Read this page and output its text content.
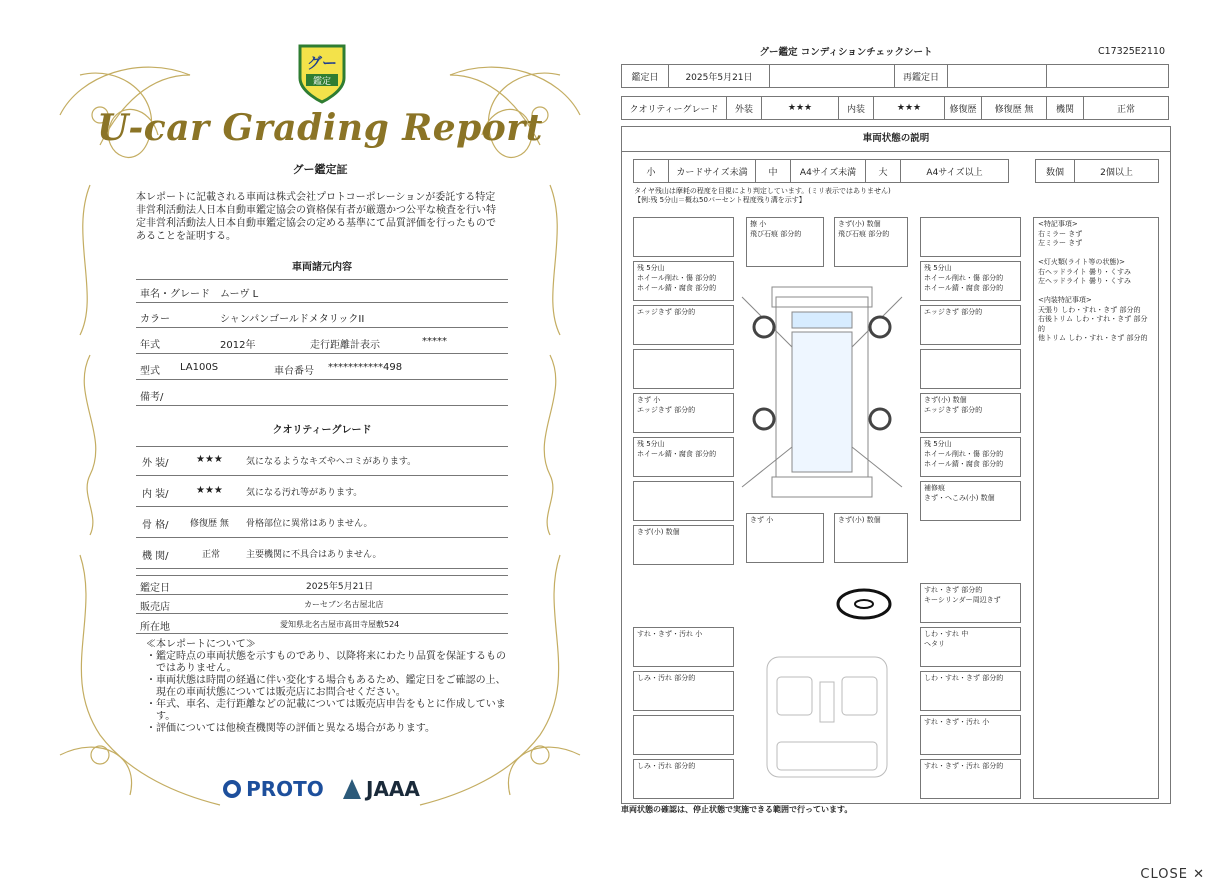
グー
鑑定
U-car Grading Report
グー鑑定証
本レポートに記載される車両は株式会社プロトコーポレーションが委託する特定非営利活動法人日本自動車鑑定協会の資格保有者が厳選かつ公平な検査を行い特定非営利活動法人日本自動車鑑定協会の定める基準にて品質評価を行ったものであることを証明する。
車両諸元内容
車名・グレード ムーヴ L
カラー	シャンパンゴールドメタリックII
年式	2012年	走行距離計表示	*****
型式 LA100S	車台番号 ***********498
備考/
クオリティーグレード
外 装/	★★★	気になるようなキズやヘコミがあります。
内 装/	★★★	気になる汚れ等があります。
骨 格/ 修復歴 無 骨格部位に異常はありません。
機 関/	正常	主要機関に不具合はありません。
鑑定日	2025年5月21日
販売店	カーセブン名古屋北店
所在地	愛知県北名古屋市高田寺屋敷524
≪本レポートについて≫
・鑑定時点の車両状態を示すものであり、以降将来にわたり品質を保証するものではありません。
・車両状態は時間の経過に伴い変化する場合もあるため、鑑定日をご確認の上、現在の車両状態については販売店にお問合せください。
・年式、車名、走行距離などの記載については販売店申告をもとに作成しています。
・評価については他検査機関等の評価と異なる場合があります。
PROTO JAAA
グー鑑定 コンディションチェックシート	C17325E2110
鑑定日	2025年5月21日		再鑑定日		
クオリティーグレード	外装	★★★	内装	★★★	修復歴	修復歴 無	機関	正常
車両状態の説明
小	カードサイズ未満	中	A4サイズ未満	大	A4サイズ以上	数個	2個以上
タイヤ残山は摩耗の程度を目視により判定しています。(ミリ表示ではありません)
【例:残 5分山＝概ね50パーセント程度残り溝を示す】
擦 小
飛び石痕 部分的
きず(小) 数個
飛び石痕 部分的
残 5分山
ホイール削れ・傷 部分的
ホイール錆・腐食 部分的
エッジきず 部分的
きず 小
エッジきず 部分的
残 5分山
ホイール錆・腐食 部分的
きず(小) 数個
残 5分山
ホイール削れ・傷 部分的
ホイール錆・腐食 部分的
エッジきず 部分的
きず(小) 数個
エッジきず 部分的
残 5分山
ホイール削れ・傷 部分的
ホイール錆・腐食 部分的
補修痕
きず・へこみ(小) 数個
きず 小	きず(小) 数個
すれ・きず 部分的
キーシリンダー周辺きず
すれ・きず・汚れ 小
しみ・汚れ 部分的
しみ・汚れ 部分的
しわ・すれ 中
へタリ
しわ・すれ・きず 部分的
すれ・きず・汚れ 小
すれ・きず・汚れ 部分的
<特記事項>
右ミラー きず
左ミラー きず

<灯火類(ライト等の状態)>
右ヘッドライト 曇り・くすみ
左ヘッドライト 曇り・くすみ

<内装特記事項>
天張り しわ・すれ・きず 部分的
右後トリム しわ・すれ・きず 部分的
他トリム しわ・すれ・きず 部分的
車両状態の確認は、停止状態で実施できる範囲で行っています。
CLOSE ✕
